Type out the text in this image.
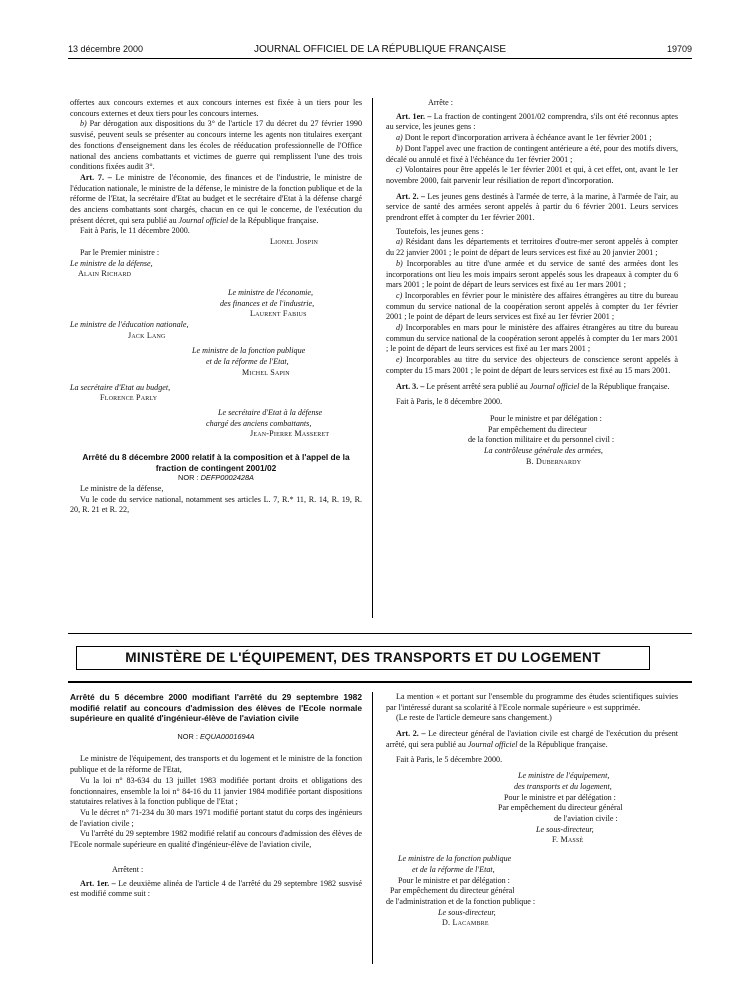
13 décembre 2000	JOURNAL OFFICIEL DE LA RÉPUBLIQUE FRANÇAISE	19709

offertes aux concours externes et aux concours internes est fixée à un tiers pour les concours externes et deux tiers pour les concours internes.

b) Par dérogation aux dispositions du 3° de l'article 17 du décret du 27 février 1990 susvisé, peuvent seuls se présenter au concours interne les agents non titulaires exerçant des fonctions d'enseignement dans les écoles de rééducation professionnelle de l'Office national des anciens combattants et victimes de guerre qui remplissent l'une des trois conditions fixées audit 3°.

Art. 7. – Le ministre de l'économie, des finances et de l'industrie, le ministre de l'éducation nationale, le ministre de la défense, le ministre de la fonction publique et de la réforme de l'Etat, la secrétaire d'Etat au budget et le secrétaire d'Etat à la défense chargé des anciens combattants sont chargés, chacun en ce qui le concerne, de l'exécution du présent décret, qui sera publié au Journal officiel de la République française.

Fait à Paris, le 11 décembre 2000.

Lionel Jospin

Par le Premier ministre :

Le ministre de la défense,

Alain Richard

Le ministre de l'économie,

des finances et de l'industrie,

Laurent Fabius

Le ministre de l'éducation nationale,

Jack Lang

Le ministre de la fonction publique

et de la réforme de l'Etat,

Michel Sapin

La secrétaire d'Etat au budget,

Florence Parly

Le secrétaire d'Etat à la défense

chargé des anciens combattants,

Jean-Pierre Masseret

Arrêté du 8 décembre 2000 relatif à la composition et à l'appel de la fraction de contingent 2001/02

NOR : DEFP0002428A

Le ministre de la défense,

Vu le code du service national, notamment ses articles L. 7, R.* 11, R. 14, R. 19, R. 20, R. 21 et R. 22,

Arrête :

Art. 1er. – La fraction de contingent 2001/02 comprendra, s'ils ont été reconnus aptes au service, les jeunes gens :

a) Dont le report d'incorporation arrivera à échéance avant le 1er février 2001 ;

b) Dont l'appel avec une fraction de contingent antérieure a été, pour des motifs divers, décalé ou annulé et fixé à l'échéance du 1er février 2001 ;

c) Volontaires pour être appelés le 1er février 2001 et qui, à cet effet, ont, avant le 1er novembre 2000, fait parvenir leur résiliation de report d'incorporation.

Art. 2. – Les jeunes gens destinés à l'armée de terre, à la marine, à l'armée de l'air, au service de santé des armées seront appelés à partir du 6 février 2001. Leurs services prendront effet à compter du 1er février 2001.

Toutefois, les jeunes gens :

a) Résidant dans les départements et territoires d'outre-mer seront appelés à compter du 22 janvier 2001 ; le point de départ de leurs services est fixé au 20 janvier 2001 ;

b) Incorporables au titre d'une armée et du service de santé des armées dont les incorporations ont lieu les mois impairs seront appelés sous les drapeaux à compter du 6 mars 2001 ; le point de départ de leurs services est fixé au 1er mars 2001 ;

c) Incorporables en février pour le ministère des affaires étrangères au titre du bureau commun du service national de la coopération seront appelés à compter du 1er février 2001 ; le point de départ de leurs services est fixé au 1er février 2001 ;

d) Incorporables en mars pour le ministère des affaires étrangères au titre du bureau commun du service national de la coopération seront appelés à compter du 1er mars 2001 ; le point de départ de leurs services est fixé au 1er mars 2001 ;

e) Incorporables au titre du service des objecteurs de conscience seront appelés à compter du 15 mars 2001 ; le point de départ de leurs services est fixé au 15 mars 2001.

Art. 3. – Le présent arrêté sera publié au Journal officiel de la République française.

Fait à Paris, le 8 décembre 2000.

Pour le ministre et par délégation :

Par empêchement du directeur

de la fonction militaire et du personnel civil :

La contrôleuse générale des armées,

B. Dubernardy

MINISTÈRE DE L'ÉQUIPEMENT, DES TRANSPORTS ET DU LOGEMENT

Arrêté du 5 décembre 2000 modifiant l'arrêté du 29 septembre 1982 modifié relatif au concours d'admission des élèves de l'Ecole normale supérieure en qualité d'ingénieur-élève de l'aviation civile

NOR : EQUA0001694A

Le ministre de l'équipement, des transports et du logement et le ministre de la fonction publique et de la réforme de l'Etat,

Vu la loi n° 83-634 du 13 juillet 1983 modifiée portant droits et obligations des fonctionnaires, ensemble la loi n° 84-16 du 11 janvier 1984 modifiée portant dispositions statutaires relatives à la fonction publique de l'Etat ;

Vu le décret n° 71-234 du 30 mars 1971 modifié portant statut du corps des ingénieurs de l'aviation civile ;

Vu l'arrêté du 29 septembre 1982 modifié relatif au concours d'admission des élèves de l'Ecole normale supérieure en qualité d'ingénieur-élève de l'aviation civile,

Arrêtent :

Art. 1er. – Le deuxième alinéa de l'article 4 de l'arrêté du 29 septembre 1982 susvisé est modifié comme suit :

La mention « et portant sur l'ensemble du programme des études scientifiques suivies par l'intéressé durant sa scolarité à l'Ecole normale supérieure » est supprimée.

(Le reste de l'article demeure sans changement.)

Art. 2. – Le directeur général de l'aviation civile est chargé de l'exécution du présent arrêté, qui sera publié au Journal officiel de la République française.

Fait à Paris, le 5 décembre 2000.

Le ministre de l'équipement,

des transports et du logement,

Pour le ministre et par délégation :

Par empêchement du directeur général

de l'aviation civile :

Le sous-directeur,

F. Massé

Le ministre de la fonction publique

et de la réforme de l'Etat,

Pour le ministre et par délégation :

Par empêchement du directeur général

de l'administration et de la fonction publique :

Le sous-directeur,

D. Lacambre
